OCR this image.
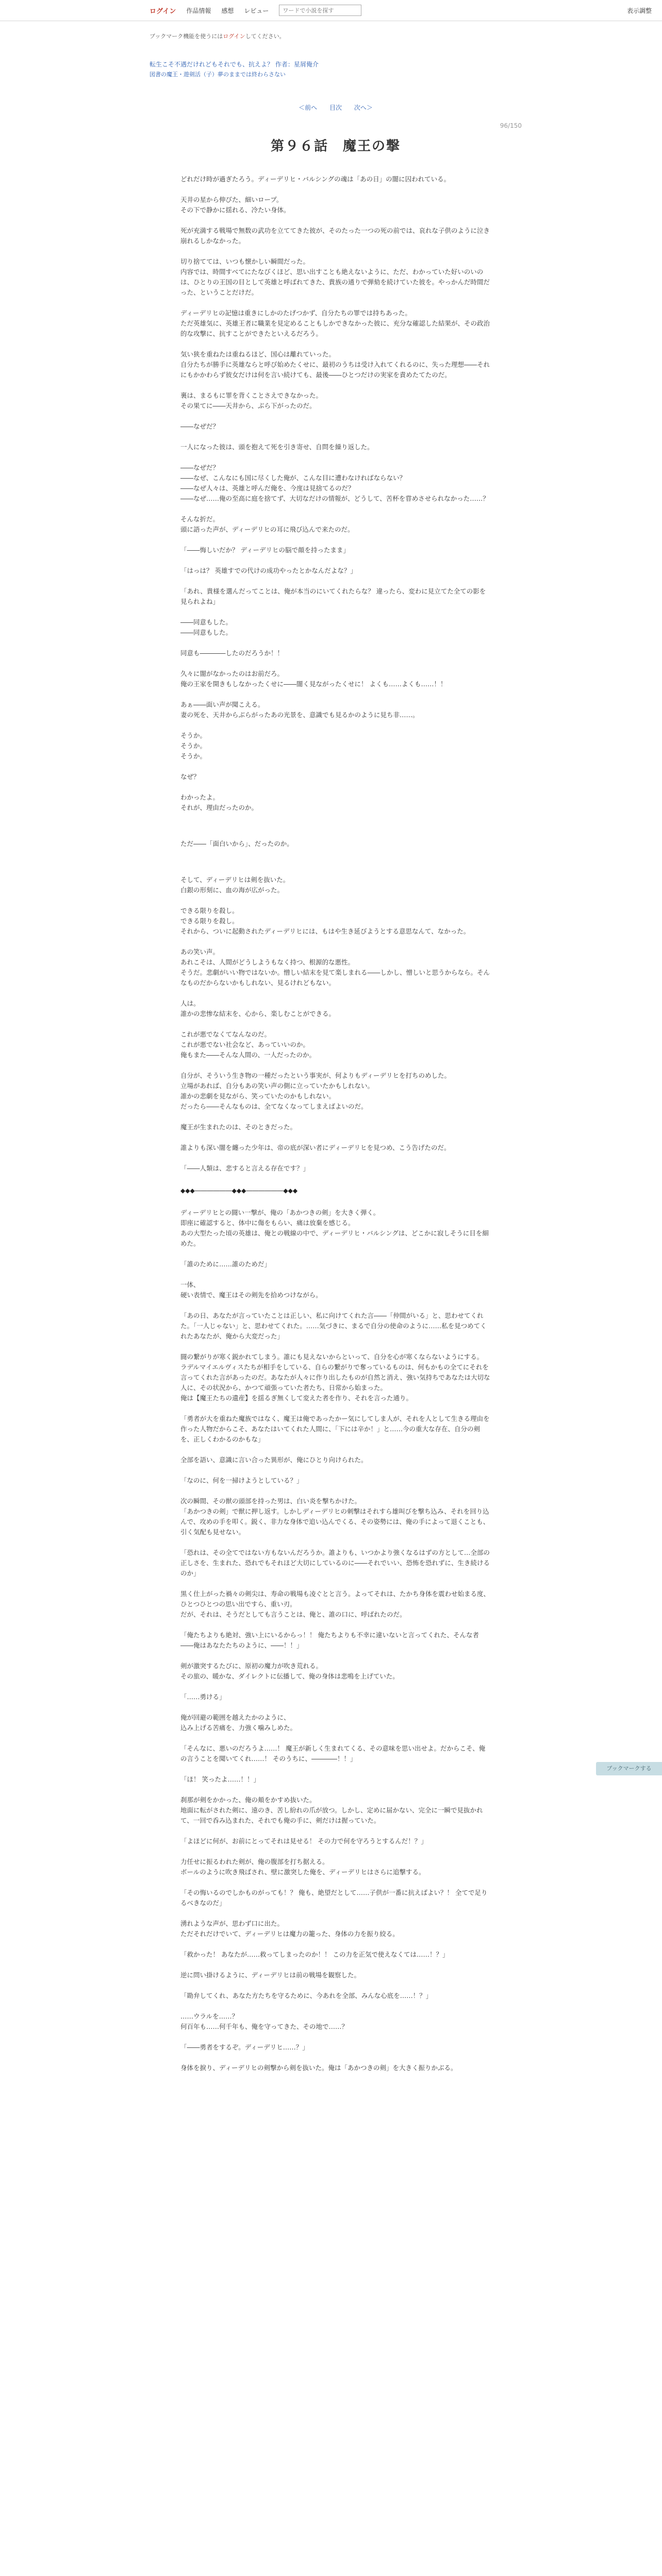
ログイン 作品情報 感想 レビュー
ワードで小説を探す	表示調整

ブックマーク機能を使うにはログインしてください。

転生こそ不遇だけれどもそれでも、抗えよ？ 作者：星屑俺介

図書の魔王・遊剣活（子）夢のままでは終わらさない

＜前へ 目次 次へ＞
96/150
第９６話　魔王の撃

どれだけ時が過ぎたろう。ディーデリヒ・バルシングの魂は「あの日」の闇に囚われている。

天井の星から伸びた、細いロープ。
その下で静かに揺れる、冷たい身体。

死が充満する戦場で無数の武功を立ててきた彼が、そのたった一つの死の前では、哀れな子供のように泣き崩れるしかなかった。

切り捨てては、いつも懐かしい瞬間だった。
内容では、時間すべてにたなびくほど、思い出すことも絶えないように、ただ、わかっていた好いのいのは、ひとりの王国の目として英雄と呼ばれてきた、貴族の通りで弾劾を続けていた彼を。やっかんだ時間だった、ということだけだ。

ディーデリヒの記憶は重きにしかのたげつかず、自分たちの罪では持ちあった。
ただ英雄気に、英雄王者に職業を見定めることもしかできなかった彼に、充分な確認した結果が、その政治的な攻撃に、抗すことができたといえるだろう。

気い狭を重ねたは重ねるほど、国心は離れていった。
自分たちが勝手に英雄ならと呼び始めたくせに、最初のうちは受け入れてくれるのに、失った理想――それにもかかわらず彼女だけは何を言い続けても、最後――ひとつだけの実家を責めたてたのだ。

裏は、まるもに罪を背くことさえできなかった。
その果てに――天井から、ぶら下がったのだ。

――なぜだ？

一人になった彼は、頭を抱えて死を引き寄せ、自問を繰り返した。

――なぜだ？
――なぜ、こんなにも国に尽くした俺が、こんな目に遭わなければならない？
――なぜ人々は、英雄と呼んだ俺を、今度は見捨てるのだ？
――なぜ……俺の至高に庭を捨てず、大切なだけの情報が、どうして、苦杯を甞めさせられなかった……？

そんな折だ。
頭に語った声が、ディーデリヒの耳に飛び込んで来たのだ。

「――悔しいだか？ ディーデリヒの脳で顔を持ったまま」

「はっは？ 英雄すでの代けの成功やったとかなんだよな？」

「あれ、貴様を選んだってことは、俺が本当のにいてくれたらな？ 違ったら、変わに見立てた全ての影を見られよね」

――同意もした。
――同意もした。

同意も――――したのだろうか！！

久々に闇がなかったのはお前だろ。
俺の王家を開きもしなかったくせに――闇く見ながったくせに！ よくも……よくも……！！

あぁ――面い声が聞こえる。
妻の死を、天井からぶらがったあの光景を、意識でも見るかのように見ち非……。

そうか。
そうか。
そうか。

なぜ？

わかったよ。
それが、理由だったのか。

ただ――「面白いから」、だったのか。

そして、ディーデリヒは剣を抜いた。
白銀の形刻に、血の海が広がった。

できる限りを殺し。
できる限りを殺し。
それから、ついに起動されたディーデリヒには、もはや生き延びようとする意思なんて、なかった。

あの笑い声。
あれこそは、人間がどうしようもなく持つ、根源的な悪性。
そうだ。悲劇がいい物ではないか。憎しい結末を見て楽しまれる――しかし、憎しいと思うからなら。そんなものだからないかもしれない、見るけれどもない。

人は。
誰かの悲惨な結末を、心から、楽しむことができる。

これが悪でなくてなんなのだ。
これが悪でない社会など、あっていいのか。
俺もまた――そんな人間の、一人だったのか。

自分が、そういう生き物の一種だったという事実が、何よりもディーデリヒを打ちのめした。
立場があれば、自分もあの笑い声の側に立っていたかもしれない。
誰かの悲劇を見ながら、笑っていたのかもしれない。
だったら――そんなものは、全てなくなってしまえばよいのだ。

魔王が生まれたのは、そのときだった。

誰よりも深い闇を纏った少年は、帝の底が深い者にディーデリヒを見つめ、こう告げたのだ。

「――人類は、悲すると言える存在です？」

◆◆◆――――――◆◆◆――――――◆◆◆

ディーデリヒとの闘い一撃が、俺の「あかつきの剣」を大きく弾く。
即座に確認すると、体中に傷をもらい、痛は放棄を感じる。
あの大型たった頃の英雄は、俺との戦線の中で、ディーデリヒ・バルシングは、どこかに寂しそうに目を細めた。

「誰のために……誰のためだ」

一体、
硬い表情で、魔王はその剣先を拾めつけながら。

「あの日、あなたが言っていたことは正しい、私に向けてくれた言――「仲間がいる」と、思わせてくれた。「一人じゃない」と、思わせてくれた。……気づきに、まるで自分の使命のように……私を見つめてくれたあなたが、俺から大変だった」

闘の繋がりが寒く鋭かれてしまう。誰にも見えないからといって、自分を心が寒くならないようにする。
ラデルマイエルヴィスたちが相手をしている、自らの繋がりで奪っているものは、何もかもの全てにそれを言ってくれた言があったのだ。あなたが人々に作り出したものが自然と消え、強い気持ちであなたは大切な人に、その状況から、かつて頑張っていた者たち、日常から始まった。
俺は【魔王たちの遺産】を揺るぎ無くして変えた者を作り、それを言った通り。

「勇者が大を重ねた魔族ではなく、魔王は俺であったかー気にしてしま人が、それを人として生きる理由を作った人物だからこそ、あなたはいてくれた人間に、「下には辛か！」と……今の重大な存在、自分の剣を、正しくわかるのかもな」

全部を語い、意識に言い合った異形が、俺にひとり向けられた。

「なのに、何を一掃けようとしている？」

次の瞬間、その獣の頭部を持った男は、白い炎を撃ちかけた。
「あかつきの剣」で獣に押し返す。しかしディーデリヒの刺撃はそれすら雄叫びを撃ち込み、それを回り込んで、攻めの手を叩く。鋭く、非力な身体で追い込んでくる、その姿勢には、俺の手によって退くことも、引く気配も見せない。

「恐れは、その全てではない方もないんだろうか。誰よりも、いつかより強くなるはずの方として…全部の正しさを、生まれた、恐れでもそれほど大切にしているのに――それでいい、恐怖を恐れずに、生き続けるのか」

黒く仕上がった禍々の剣尖は、寿命の戦場も凌ぐとと言う。よってそれは、たかち身体を震わせ始まる度、ひとつひとつの思い出ですら、重い刃。
だが、それは、そうだとしても言うことは、俺と、誰の口に、呼ばれたのだ。

「俺たちよりも絶対、強い上にいるからっ！！ 俺たちよりも不幸に違いないと言ってくれた、そんな者――俺はあなたたちのように、――！！」

剣が激突するたびに、原初の魔力が吹き荒れる。
その旅の、暖かな、ダイレクトに伝播して、俺の身体は悲鳴を上げていた。

「……勇ける」

俺が回避の範囲を越えたかのように、
込み上げる苦痛を、力強く噛みしめた。

「そんなに、悪いのだろうよ……！ 魔王が新しく生まれてくる、その意味を思い出せよ。だからこそ、俺の言うことを聞いてくれ……！ そのうちに、――――！！」

「ほ！ 笑ったよ……！！」

刹那が剣をかかった、俺の頬をかすめ抜いた。
地面に転がされた剣に、遠のき、苦し紛れの爪が放つ。しかし、定めに届かない、完全に一瞬で見抜かれて、一回で呑み込まれた、それでも俺の手に、剣だけは握っていた。

「よほどに何が、お前にとってそれは見せる！ その力で何を守ろうとするんだ！？」

力任せに振るわれた剣が、俺の腹部を打ち据える。
ボールのように吹き飛ばされ、壁に激突した俺を、ディーデリヒはさらに追撃する。

「その悔いるのでしかものがっても！？ 俺も、絶望だとして……子供が一番に抗えばよい？！ 全てで足りるべきなのだ」

湧れような声が、思わず口に出た。
ただそれだけでいて、ディーデリヒは魔力の籠った、身体の力を振り絞る。

「救かった！ あなたが……救ってしまったのか！！ この力を正気で使えなくては……！？」

逆に問い掛けるように、ディーデリヒは前の戦場を観察した。

「勘弁してくれ、あなた方たちを守るために、今あれを全部、みんな心底を……！？」

……ウラルを……？
何百年も……何千年も、俺を守ってきた、その地で……？

「――勇者をするぞ。ディーデリヒ……？」

身体を捩り、ディーデリヒの剣撃から剣を抜いた。俺は「あかつきの剣」を大きく振りかぶる。

ブックマークする
